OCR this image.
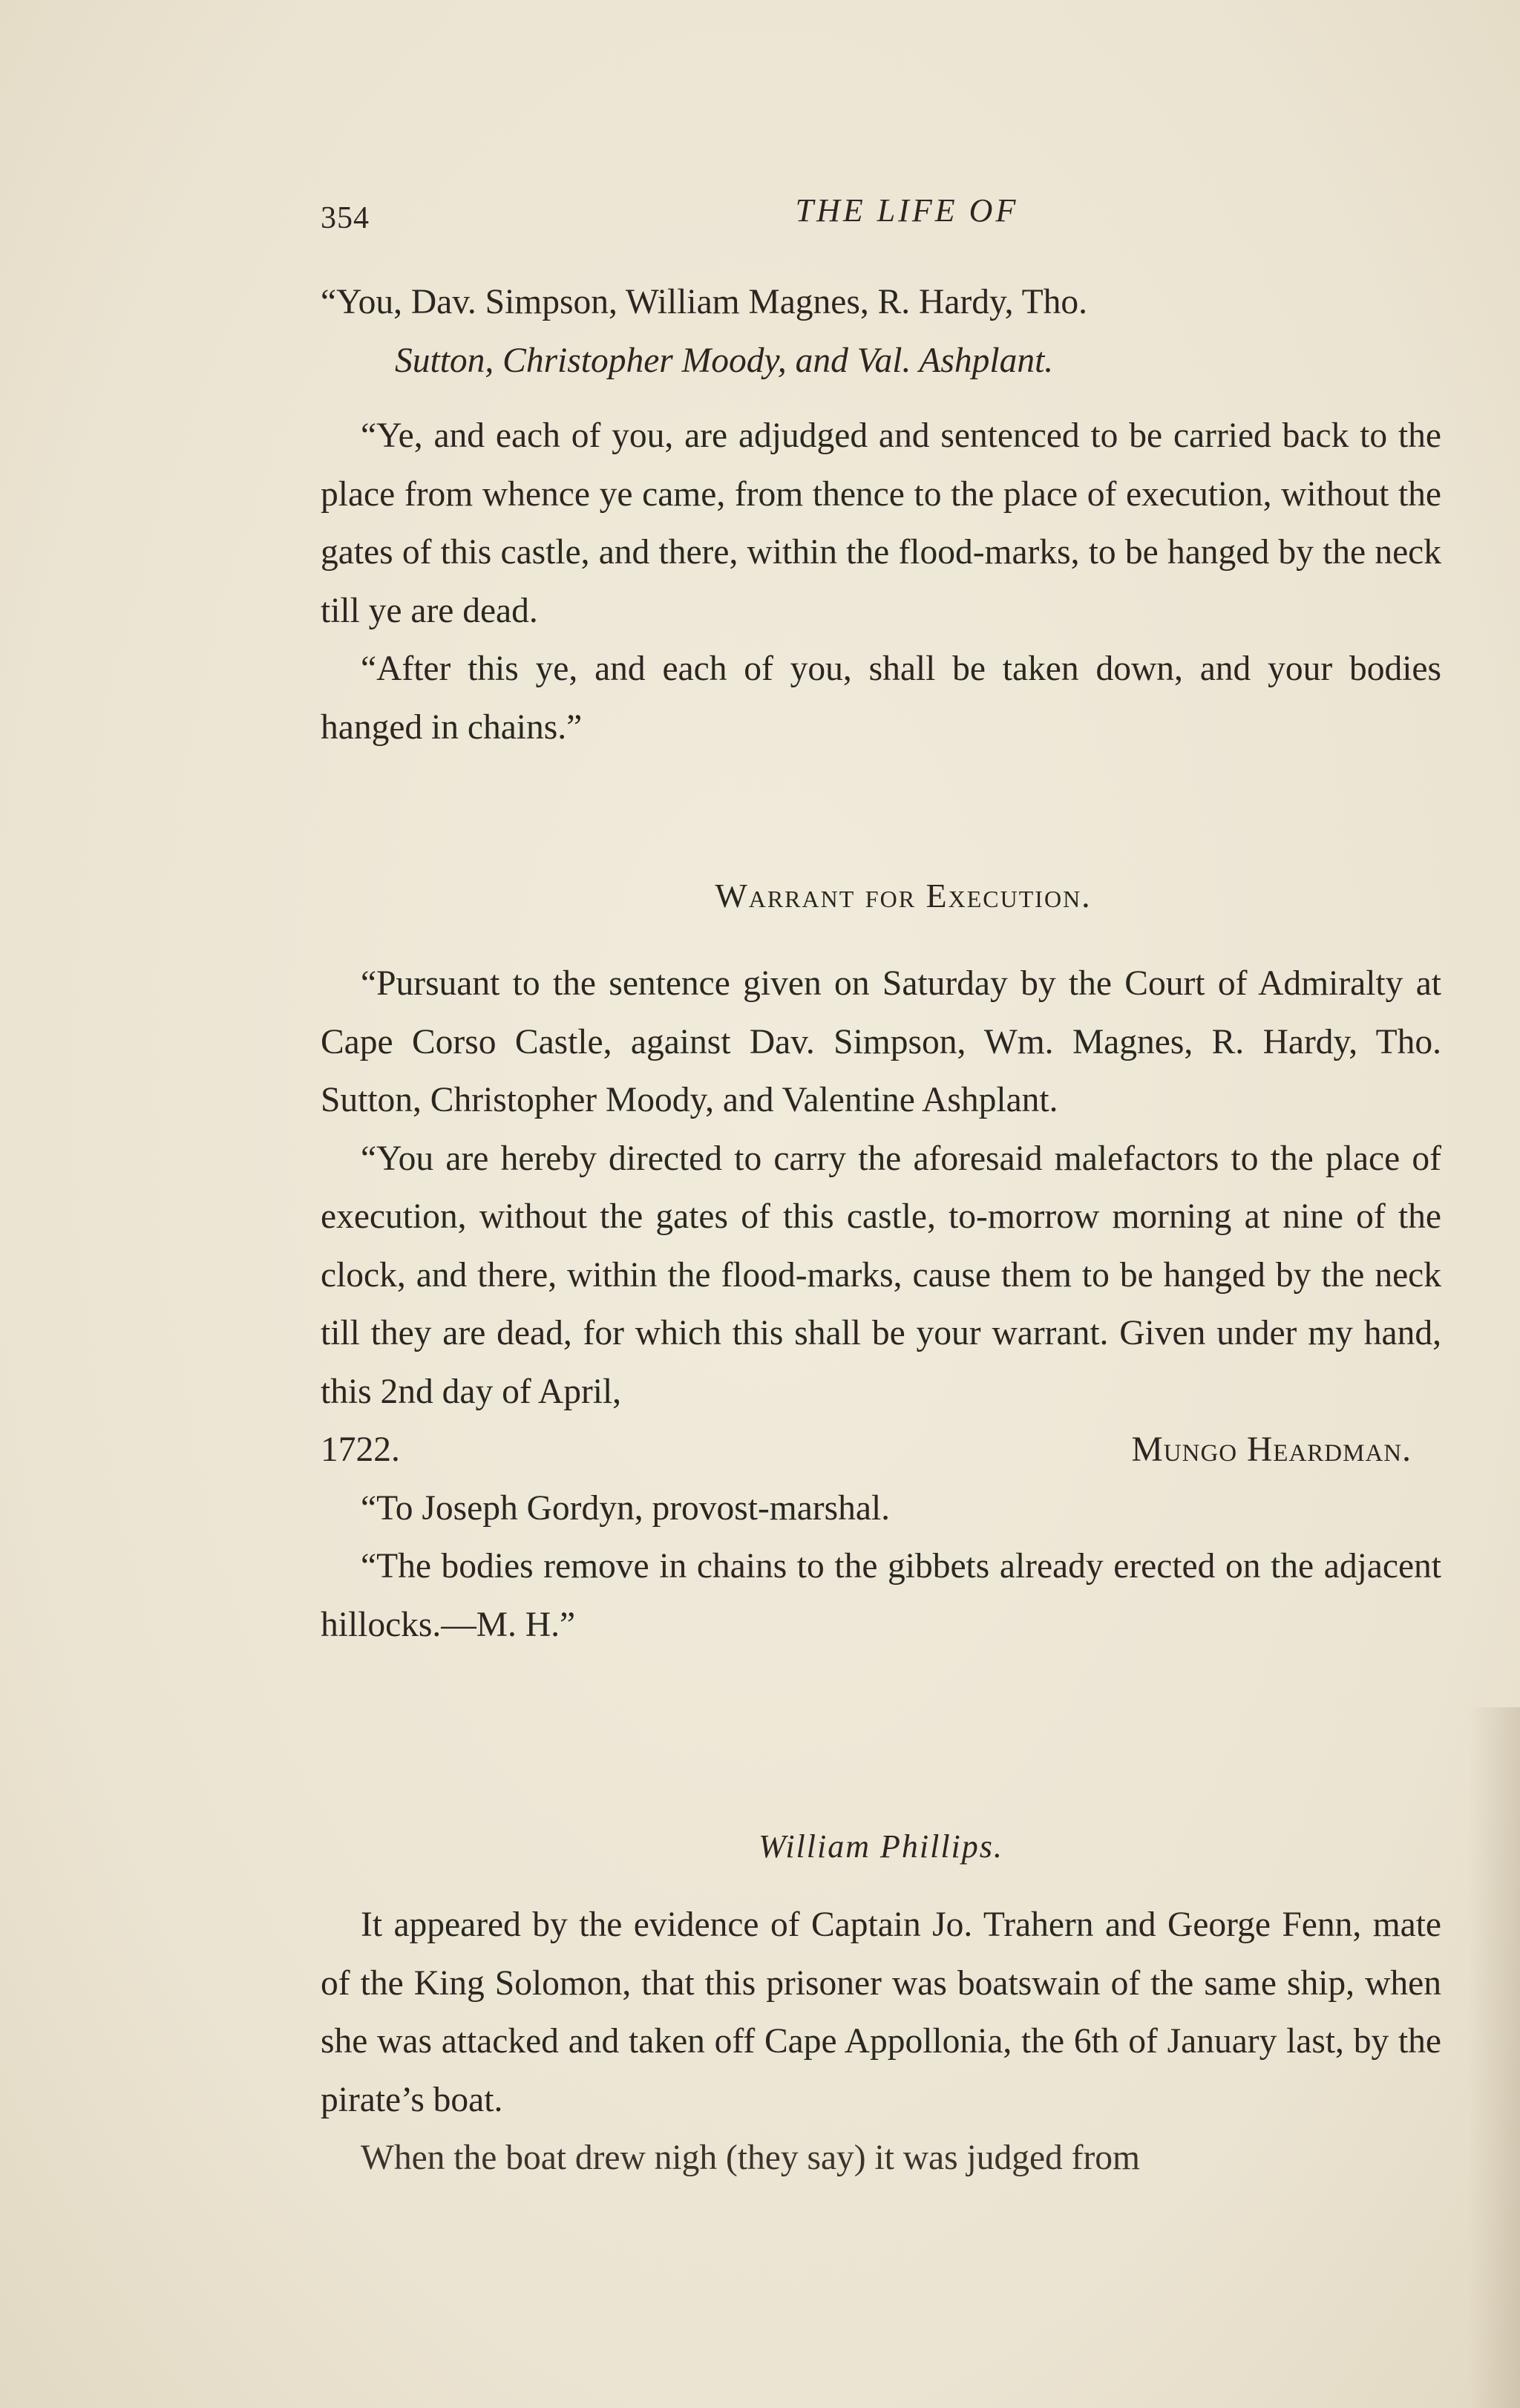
354	THE LIFE OF
“You, Dav. Simpson, William Magnes, R. Hardy, Tho.
Sutton, Christopher Moody, and Val. Ashplant.

“Ye, and each of you, are adjudged and sentenced to be carried back to the place from whence ye came, from thence to the place of execution, without the gates of this castle, and there, within the flood-marks, to be hanged by the neck till ye are dead.

“After this ye, and each of you, shall be taken down, and your bodies hanged in chains.”

Warrant for Execution.

“Pursuant to the sentence given on Saturday by the Court of Admiralty at Cape Corso Castle, against Dav. Simpson, Wm. Magnes, R. Hardy, Tho. Sutton, Christopher Moody, and Valentine Ashplant.

“You are hereby directed to carry the aforesaid malefactors to the place of execution, without the gates of this castle, to-morrow morning at nine of the clock, and there, within the flood-marks, cause them to be hanged by the neck till they are dead, for which this shall be your warrant. Given under my hand, this 2nd day of April,

1722.	Mungo Heardman.

“To Joseph Gordyn, provost-marshal.

“The bodies remove in chains to the gibbets already erected on the adjacent hillocks.—M. H.”

William Phillips.

It appeared by the evidence of Captain Jo. Trahern and George Fenn, mate of the King Solomon, that this prisoner was boatswain of the same ship, when she was attacked and taken off Cape Appollonia, the 6th of January last, by the pirate’s boat.

When the boat drew nigh (they say) it was judged from
